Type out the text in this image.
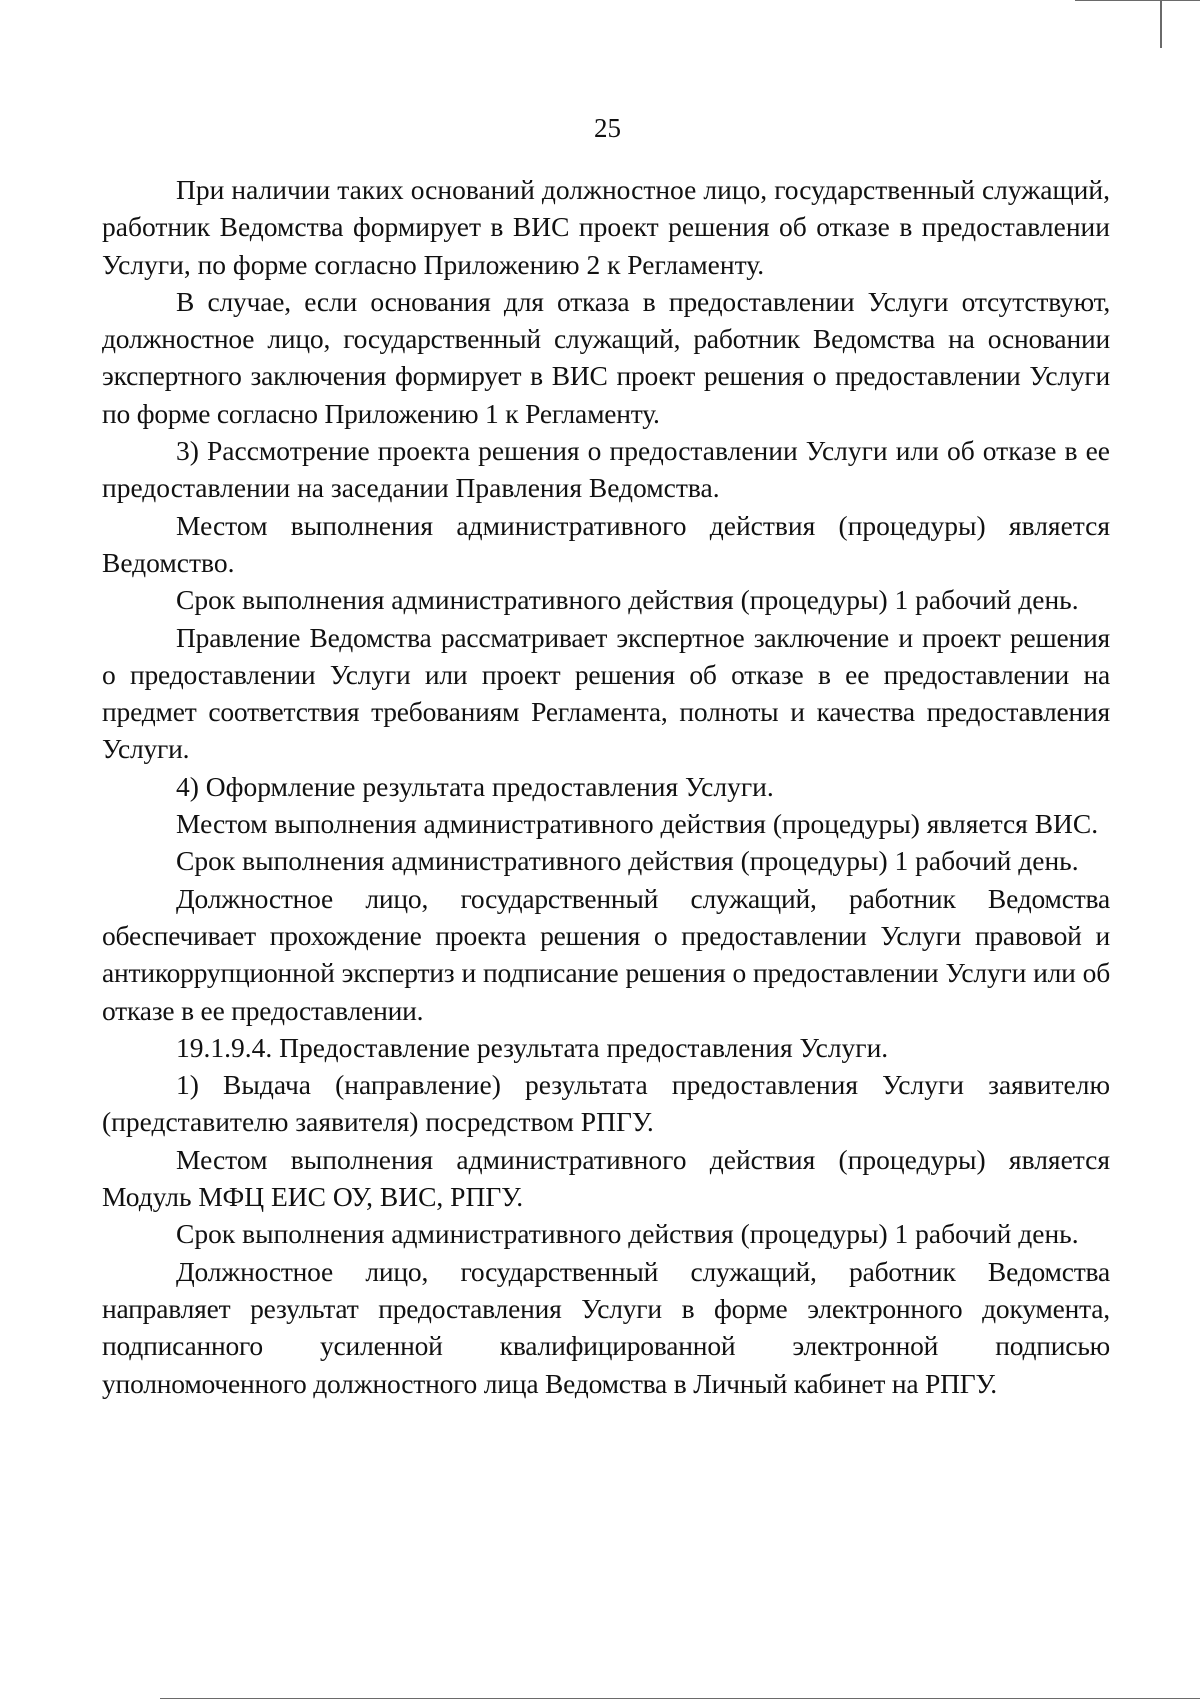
25

При наличии таких оснований должностное лицо, государственный служащий, работник Ведомства формирует в ВИС проект решения об отказе в предоставлении Услуги, по форме согласно Приложению 2 к Регламенту.

В случае, если основания для отказа в предоставлении Услуги отсутствуют, должностное лицо, государственный служащий, работник Ведомства на основании экспертного заключения формирует в ВИС проект решения о предоставлении Услуги по форме согласно Приложению 1 к Регламенту.

3) Рассмотрение проекта решения о предоставлении Услуги или об отказе в ее предоставлении на заседании Правления Ведомства.

Местом выполнения административного действия (процедуры) является Ведомство.

Срок выполнения административного действия (процедуры) 1 рабочий день.

Правление Ведомства рассматривает экспертное заключение и проект решения о предоставлении Услуги или проект решения об отказе в ее предоставлении на предмет соответствия требованиям Регламента, полноты и качества предоставления Услуги.

4) Оформление результата предоставления Услуги.

Местом выполнения административного действия (процедуры) является ВИС.

Срок выполнения административного действия (процедуры) 1 рабочий день.

Должностное лицо, государственный служащий, работник Ведомства обеспечивает прохождение проекта решения о предоставлении Услуги правовой и антикоррупционной экспертиз и подписание решения о предоставлении Услуги или об отказе в ее предоставлении.

19.1.9.4. Предоставление результата предоставления Услуги.

1) Выдача (направление) результата предоставления Услуги заявителю (представителю заявителя) посредством РПГУ.

Местом выполнения административного действия (процедуры) является Модуль МФЦ ЕИС ОУ, ВИС, РПГУ.

Срок выполнения административного действия (процедуры) 1 рабочий день.

Должностное лицо, государственный служащий, работник Ведомства направляет результат предоставления Услуги в форме электронного документа, подписанного усиленной квалифицированной электронной подписью уполномоченного должностного лица Ведомства в Личный кабинет на РПГУ.
